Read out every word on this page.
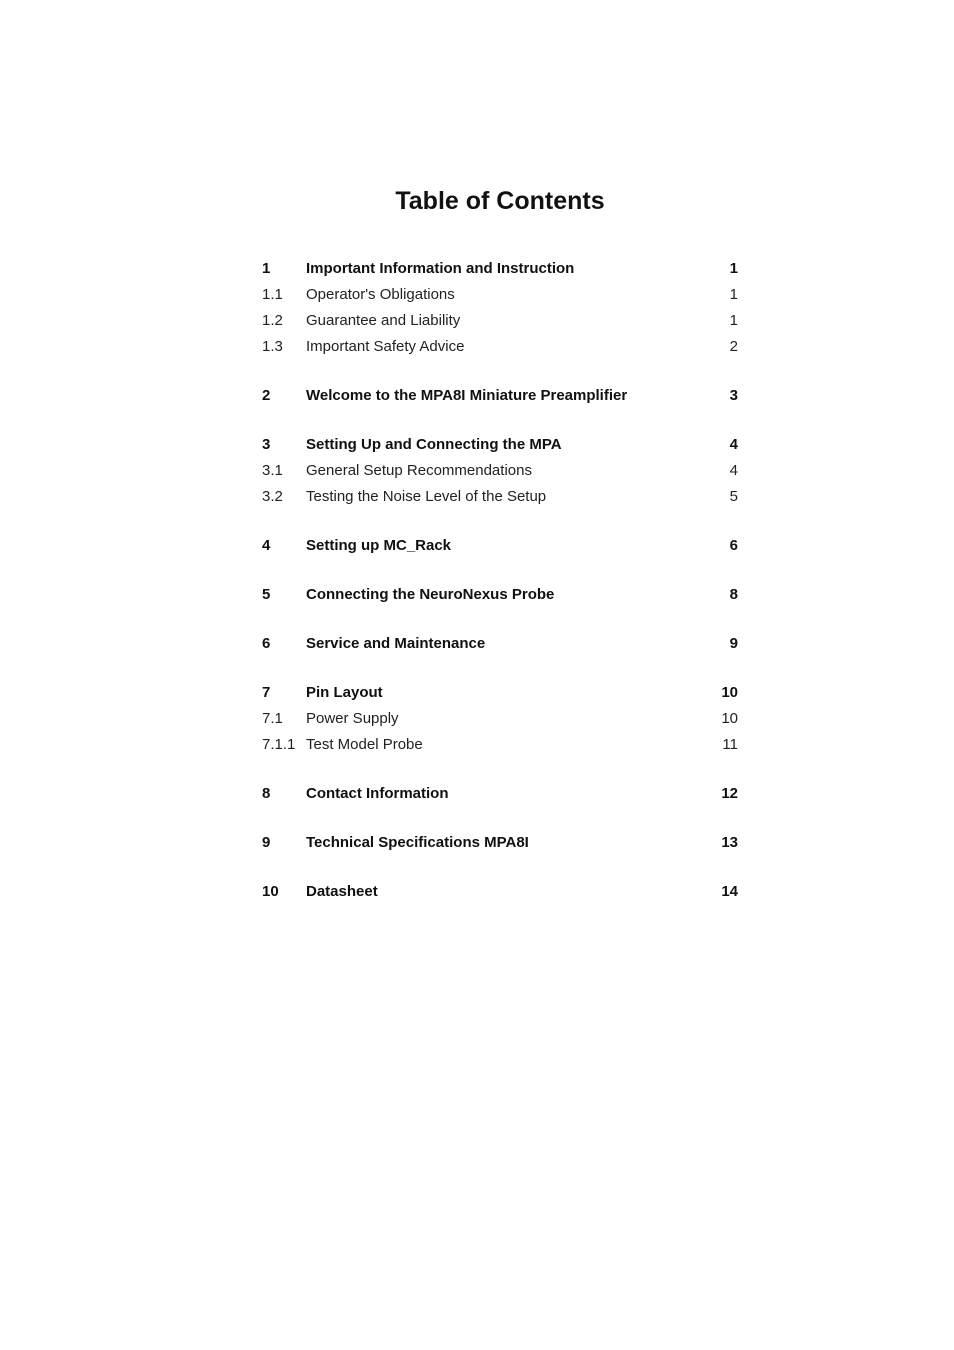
Table of Contents
1	Important Information and Instruction	1
1.1	Operator's Obligations	1
1.2	Guarantee and Liability	1
1.3	Important Safety Advice	2
2	Welcome to the MPA8I Miniature Preamplifier	3
3	Setting Up and Connecting the MPA	4
3.1	General Setup Recommendations	4
3.2	Testing the Noise Level of the Setup	5
4	Setting up MC_Rack	6
5	Connecting the NeuroNexus Probe	8
6	Service and Maintenance	9
7	Pin Layout	10
7.1	Power Supply	10
7.1.1 Test Model Probe	11
8	Contact Information	12
9	Technical Specifications MPA8I	13
10	Datasheet	14
